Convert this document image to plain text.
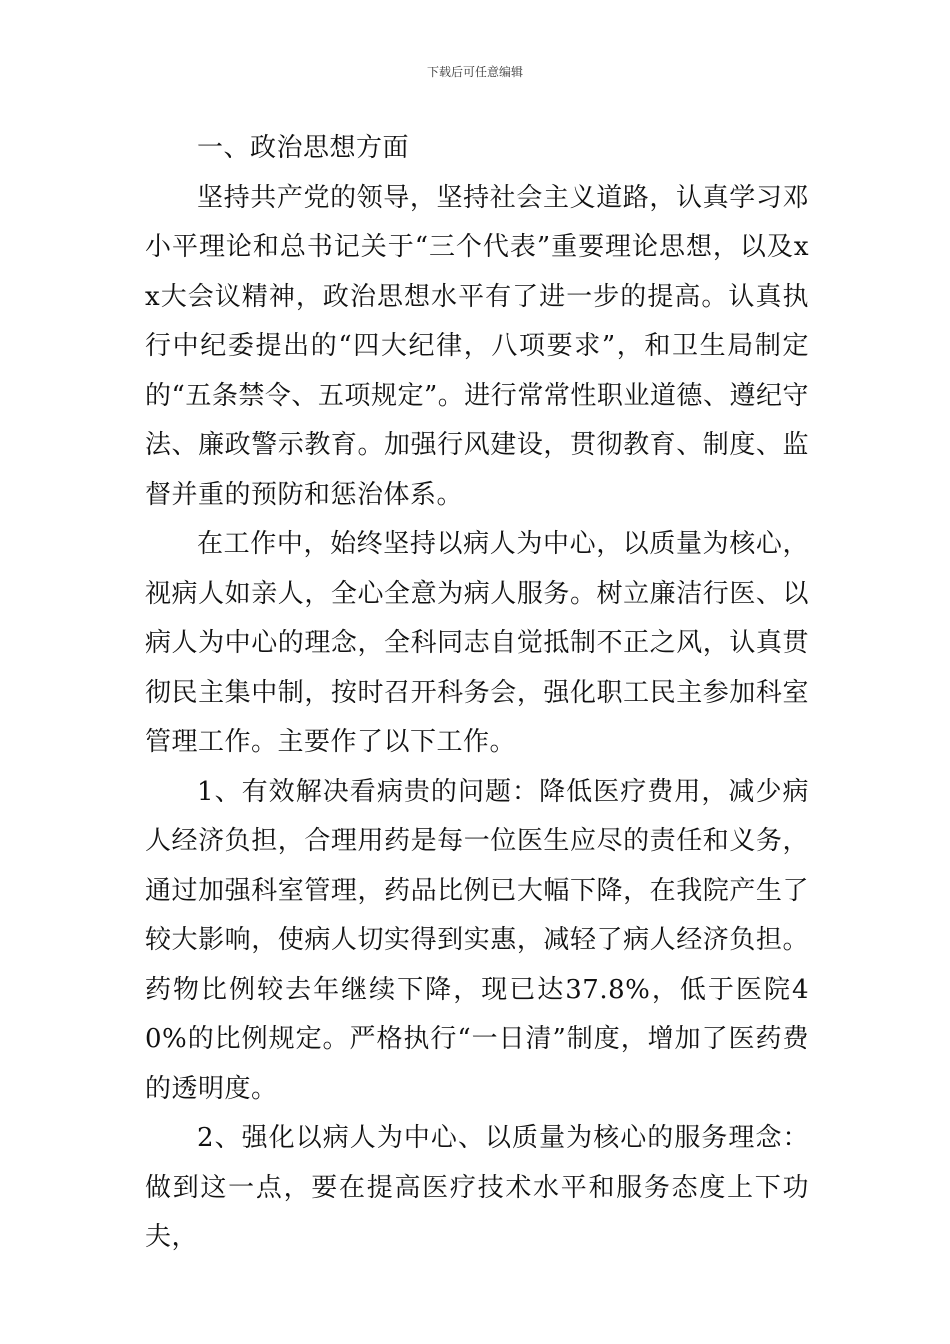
下载后可任意编辑

一、政治思想方面

坚持共产党的领导，坚持社会主义道路，认真学习邓小平理论和总书记关于“三个代表”重要理论思想，以及xx大会议精神，政治思想水平有了进一步的提高。认真执行中纪委提出的“四大纪律，八项要求”，和卫生局制定的“五条禁令、五项规定”。进行常常性职业道德、遵纪守法、廉政警示教育。加强行风建设，贯彻教育、制度、监督并重的预防和惩治体系。

在工作中，始终坚持以病人为中心，以质量为核心，视病人如亲人，全心全意为病人服务。树立廉洁行医、以病人为中心的理念，全科同志自觉抵制不正之风，认真贯彻民主集中制，按时召开科务会，强化职工民主参加科室管理工作。主要作了以下工作。

1、有效解决看病贵的问题：降低医疗费用，减少病人经济负担，合理用药是每一位医生应尽的责任和义务，通过加强科室管理，药品比例已大幅下降，在我院产生了较大影响，使病人切实得到实惠，减轻了病人经济负担。药物比例较去年继续下降，现已达37.8%，低于医院40%的比例规定。严格执行“一日清”制度，增加了医药费的透明度。

2、强化以病人为中心、以质量为核心的服务理念：做到这一点，要在提高医疗技术水平和服务态度上下功夫，
